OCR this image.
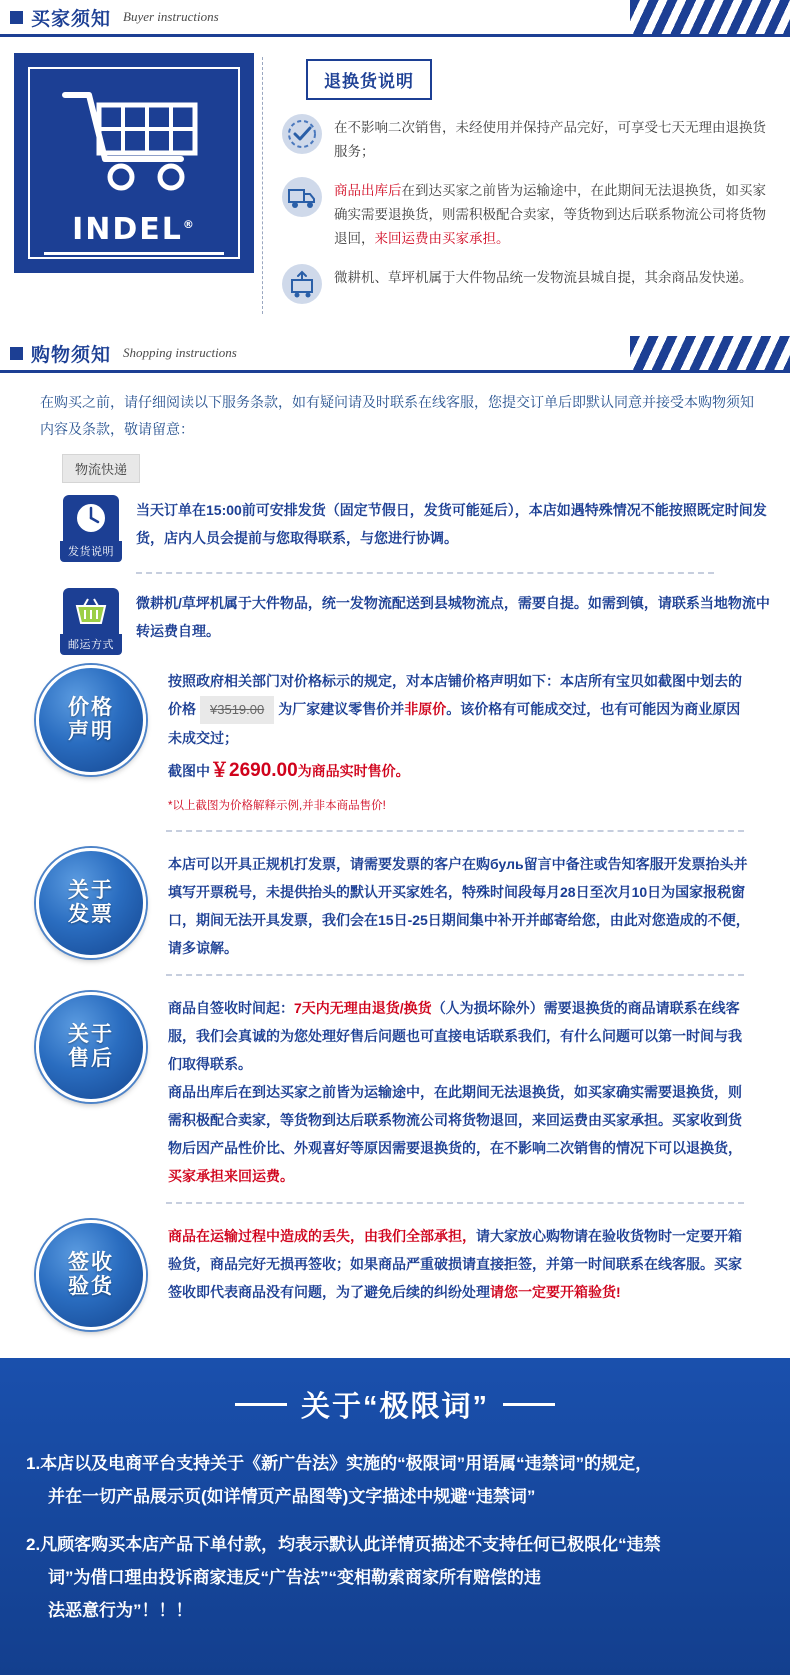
买家须知 Buyer instructions
INDEL®
退换货说明
在不影响二次销售，未经使用并保持产品完好，可享受七天无理由退换货服务；
商品出库后在到达买家之前皆为运输途中，在此期间无法退换货，如买家确实需要退换货，则需积极配合卖家，等货物到达后联系物流公司将货物退回，来回运费由买家承担。
微耕机、草坪机属于大件物品统一发物流县城自提，其余商品发快递。
购物须知 Shopping instructions
在购买之前，请仔细阅读以下服务条款，如有疑问请及时联系在线客服，您提交订单后即默认同意并接受本购物须知内容及条款，敬请留意：
物流快递
发货说明
当天订单在15:00前可安排发货（固定节假日，发货可能延后），本店如遇特殊情况不能按照既定时间发货，店内人员会提前与您取得联系，与您进行协调。
邮运方式
微耕机/草坪机属于大件物品，统一发物流配送到县城物流点，需要自提。如需到镇，请联系当地物流中转运费自理。
价格
声明
按照政府相关部门对价格标示的规定，对本店铺价格声明如下：本店所有宝贝如截图中划去的价格 ¥3519.00 为厂家建议零售价并非原价。该价格有可能成交过，也有可能因为商业原因未成交过；
截图中￥2690.00为商品实时售价。
*以上截图为价格解释示例,并非本商品售价!
关于
发票
本店可以开具正规机打发票，请需要发票的客户在购буль留言中备注或告知客服开发票抬头并填写开票税号，未提供抬头的默认开买家姓名，特殊时间段每月28日至次月10日为国家报税窗口，期间无法开具发票，我们会在15日-25日期间集中补开并邮寄给您，由此对您造成的不便，请多谅解。
关于
售后
商品自签收时间起：7天内无理由退货/换货（人为损坏除外）需要退换货的商品请联系在线客服，我们会真诚的为您处理好售后问题也可直接电话联系我们，有什么问题可以第一时间与我们取得联系。
商品出库后在到达买家之前皆为运输途中，在此期间无法退换货，如买家确实需要退换货，则需积极配合卖家，等货物到达后联系物流公司将货物退回，来回运费由买家承担。买家收到货物后因产品性价比、外观喜好等原因需要退换货的，在不影响二次销售的情况下可以退换货，买家承担来回运费。
签收
验货
商品在运输过程中造成的丢失，由我们全部承担，请大家放心购物请在验收货物时一定要开箱验货，商品完好无损再签收；如果商品严重破损请直接拒签，并第一时间联系在线客服。买家签收即代表商品没有问题，为了避免后续的纠纷处理请您一定要开箱验货!
关于“极限词”
1.本店以及电商平台支持关于《新广告法》实施的“极限词”用语属“违禁词”的规定，
并在一切产品展示页(如详情页产品图等)文字描述中规避“违禁词”
2.凡顾客购买本店产品下单付款，均表示默认此详情页描述不支持任何已极限化“违禁
词”为借口理由投诉商家违反“广告法”“变相勒索商家所有赔偿的违
法恶意行为”！！！
